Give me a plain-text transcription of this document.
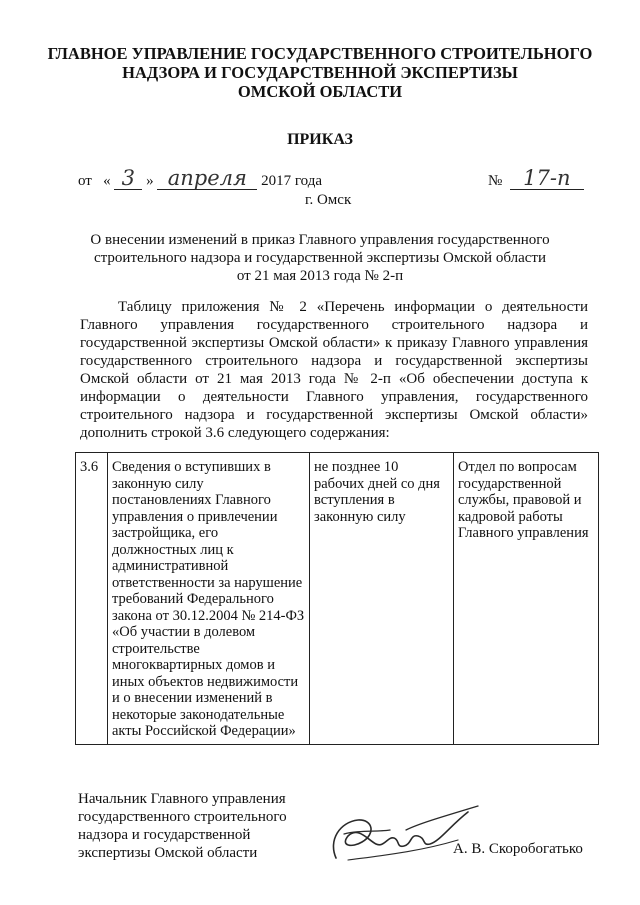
ГЛАВНОЕ УПРАВЛЕНИЕ ГОСУДАРСТВЕННОГО СТРОИТЕЛЬНОГО
НАДЗОРА И ГОСУДАРСТВЕННОЙ ЭКСПЕРТИЗЫ
ОМСКОЙ ОБЛАСТИ
ПРИКАЗ
от « 3 » апреля 2017 года	№ 17-п
г. Омск
О внесении изменений в приказ Главного управления государственного
строительного надзора и государственной экспертизы Омской области
от 21 мая 2013 года № 2-п

Таблицу приложения № 2 «Перечень информации о деятельности Главного управления государственного строительного надзора и государственной экспертизы Омской области» к приказу Главного управления государственного строительного надзора и государственной экспертизы Омской области от 21 мая 2013 года № 2-п «Об обеспечении доступа к информации о деятельности Главного управления, государственного строительного надзора и государственной экспертизы Омской области» дополнить строкой 3.6 следующего содержания:

3.6	Сведения о вступивших в законную силу постановлениях Главного управления о привлечении застройщика, его должностных лиц к административной ответственности за нарушение требований Федерального закона от 30.12.2004 № 214-ФЗ «Об участии в долевом строительстве многоквартирных домов и иных объектов недвижимости и о внесении изменений в некоторые законодательные акты Российской Федерации»	не позднее 10 рабочих дней со дня вступления в законную силу	Отдел по вопросам государственной службы, правовой и кадровой работы Главного управления
Начальник Главного управления
государственного строительного
надзора и государственной
экспертизы Омской области	А. В. Скоробогатько
